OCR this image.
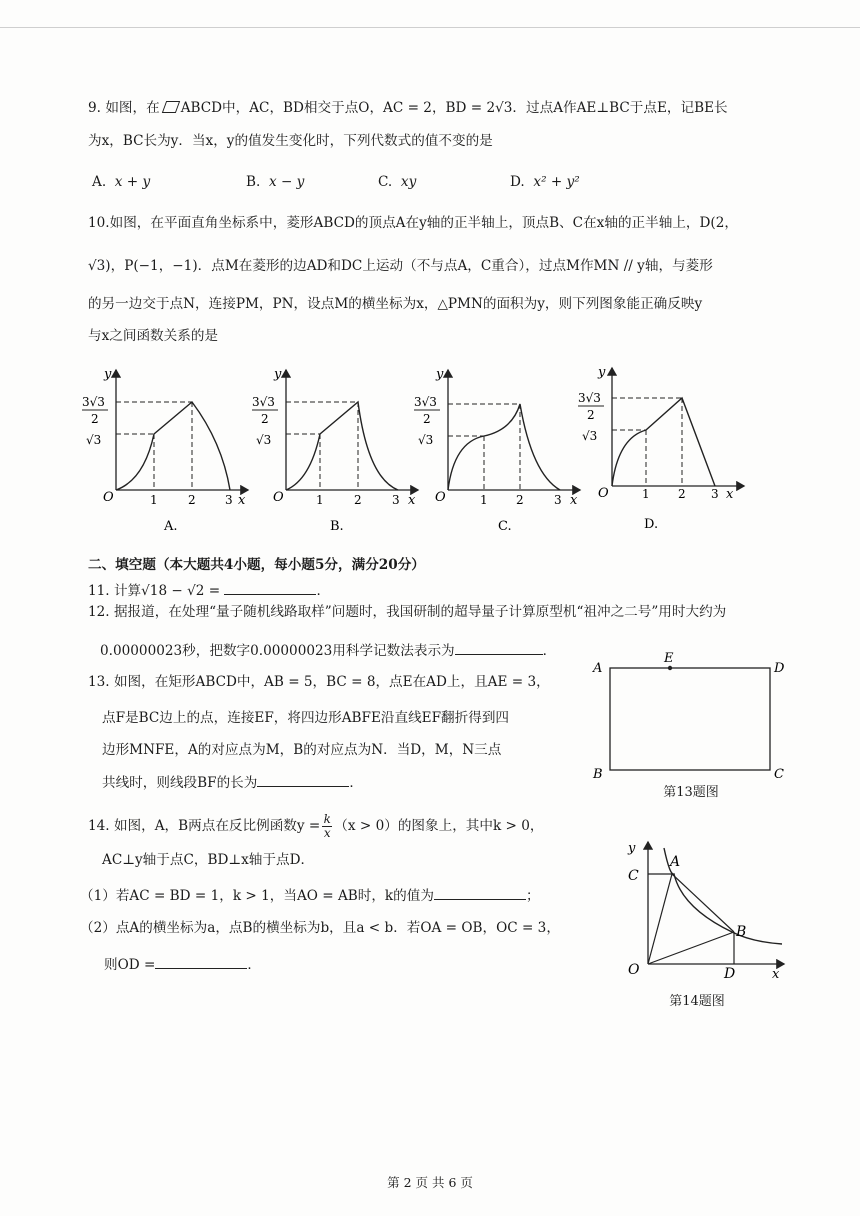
9. 如图，在 ABCD中，AC，BD相交于点O，AC = 2，BD = 2√3．过点A作AE⊥BC于点E，记BE长
为x，BC长为y．当x，y的值发生变化时，下列代数式的值不变的是
A. x + y	B. x − y	C. xy	D. x² + y²
10.如图，在平面直角坐标系中，菱形ABCD的顶点A在y轴的正半轴上，顶点B、C在x轴的正半轴上，D(2，
√3)，P(−1，−1)．点M在菱形的边AD和DC上运动（不与点A，C重合），过点M作MN // y轴，与菱形
的另一边交于点N，连接PM，PN，设点M的横坐标为x，△PMN的面积为y，则下列图象能正确反映y
与x之间函数关系的是
y
x
O
3√3
2
√3
1	2 3
A.
y
x
O
3√3
2
√3
1	2	3
B.
y
x
O
3√3
2
√3
1 2	3
C.
y
x
O
3√3
2
√3
1 2 3
D.
二、填空题（本大题共4小题，每小题5分，满分20分）
11. 计算√18 − √2 =	．
12. 据报道，在处理“量子随机线路取样”问题时，我国研制的超导量子计算原型机“祖冲之二号”用时大约为
0.00000023秒，把数字0.00000023用科学记数法表示为	．
13. 如图，在矩形ABCD中，AB = 5，BC = 8，点E在AD上，且AE = 3，
点F是BC边上的点，连接EF，将四边形ABFE沿直线EF翻折得到四
边形MNFE，A的对应点为M，B的对应点为N．当D，M，N三点
共线时，则线段BF的长为	．
A
E
D
B	C
第13题图
14. 如图，A，B两点在反比例函数$y = \frac{k}{x} (x > 0)$的图象上，其中k > 0，
AC⊥y轴于点C，BD⊥x轴于点D．
（1）若AC = BD = 1，k > 1，当AO = AB时，k的值为	；
（2）点A的横坐标为a，点B的横坐标为b，且a < b．若OA = OB，OC = 3，
则OD =	．
y
C
A
B
O	D	x
第14题图
第 2 页 共 6 页
